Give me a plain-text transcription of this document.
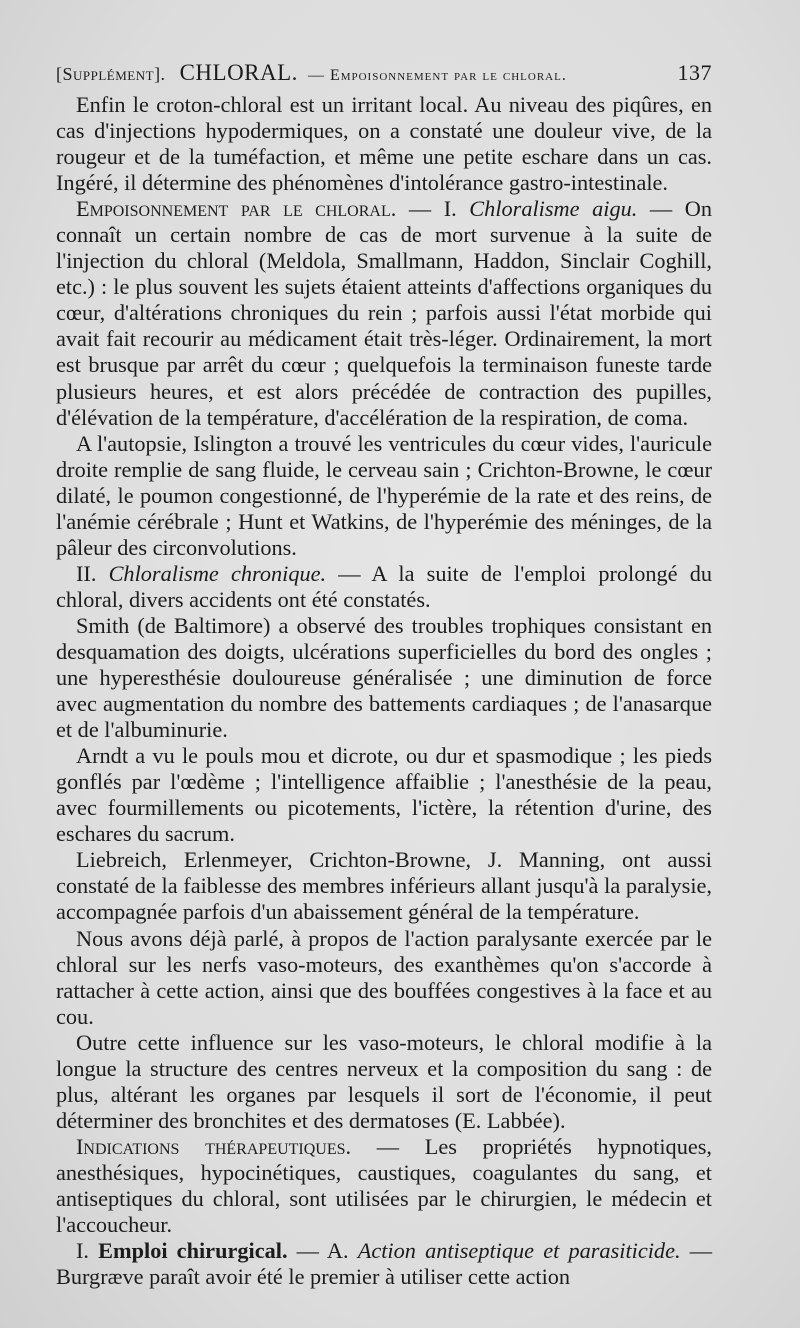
[Supplément]. CHLORAL. — Empoisonnement par le chloral.	137

Enfin le croton-chloral est un irritant local. Au niveau des piqûres, en cas d'injections hypodermiques, on a constaté une douleur vive, de la rougeur et de la tuméfaction, et même une petite eschare dans un cas. Ingéré, il détermine des phénomènes d'intolérance gastro-intestinale.

Empoisonnement par le chloral. — I. Chloralisme aigu. — On connaît un certain nombre de cas de mort survenue à la suite de l'injection du chloral (Meldola, Smallmann, Haddon, Sinclair Coghill, etc.) : le plus souvent les sujets étaient atteints d'affections organiques du cœur, d'altérations chroniques du rein ; parfois aussi l'état morbide qui avait fait recourir au médicament était très-léger. Ordinairement, la mort est brusque par arrêt du cœur ; quelquefois la terminaison funeste tarde plusieurs heures, et est alors précédée de contraction des pupilles, d'élévation de la température, d'accélération de la respiration, de coma.

A l'autopsie, Islington a trouvé les ventricules du cœur vides, l'auricule droite remplie de sang fluide, le cerveau sain ; Crichton-Browne, le cœur dilaté, le poumon congestionné, de l'hyperémie de la rate et des reins, de l'anémie cérébrale ; Hunt et Watkins, de l'hyperémie des méninges, de la pâleur des circonvolutions.

II. Chloralisme chronique. — A la suite de l'emploi prolongé du chloral, divers accidents ont été constatés.

Smith (de Baltimore) a observé des troubles trophiques consistant en desquamation des doigts, ulcérations superficielles du bord des ongles ; une hyperesthésie douloureuse généralisée ; une diminution de force avec augmentation du nombre des battements cardiaques ; de l'anasarque et de l'albuminurie.

Arndt a vu le pouls mou et dicrote, ou dur et spasmodique ; les pieds gonflés par l'œdème ; l'intelligence affaiblie ; l'anesthésie de la peau, avec fourmillements ou picotements, l'ictère, la rétention d'urine, des eschares du sacrum.

Liebreich, Erlenmeyer, Crichton-Browne, J. Manning, ont aussi constaté de la faiblesse des membres inférieurs allant jusqu'à la paralysie, accompagnée parfois d'un abaissement général de la température.

Nous avons déjà parlé, à propos de l'action paralysante exercée par le chloral sur les nerfs vaso-moteurs, des exanthèmes qu'on s'accorde à rattacher à cette action, ainsi que des bouffées congestives à la face et au cou.

Outre cette influence sur les vaso-moteurs, le chloral modifie à la longue la structure des centres nerveux et la composition du sang : de plus, altérant les organes par lesquels il sort de l'économie, il peut déterminer des bronchites et des dermatoses (E. Labbée).

Indications thérapeutiques. — Les propriétés hypnotiques, anesthésiques, hypocinétiques, caustiques, coagulantes du sang, et antiseptiques du chloral, sont utilisées par le chirurgien, le médecin et l'accoucheur.

I. Emploi chirurgical. — A. Action antiseptique et parasiticide. — Burgræve paraît avoir été le premier à utiliser cette action
